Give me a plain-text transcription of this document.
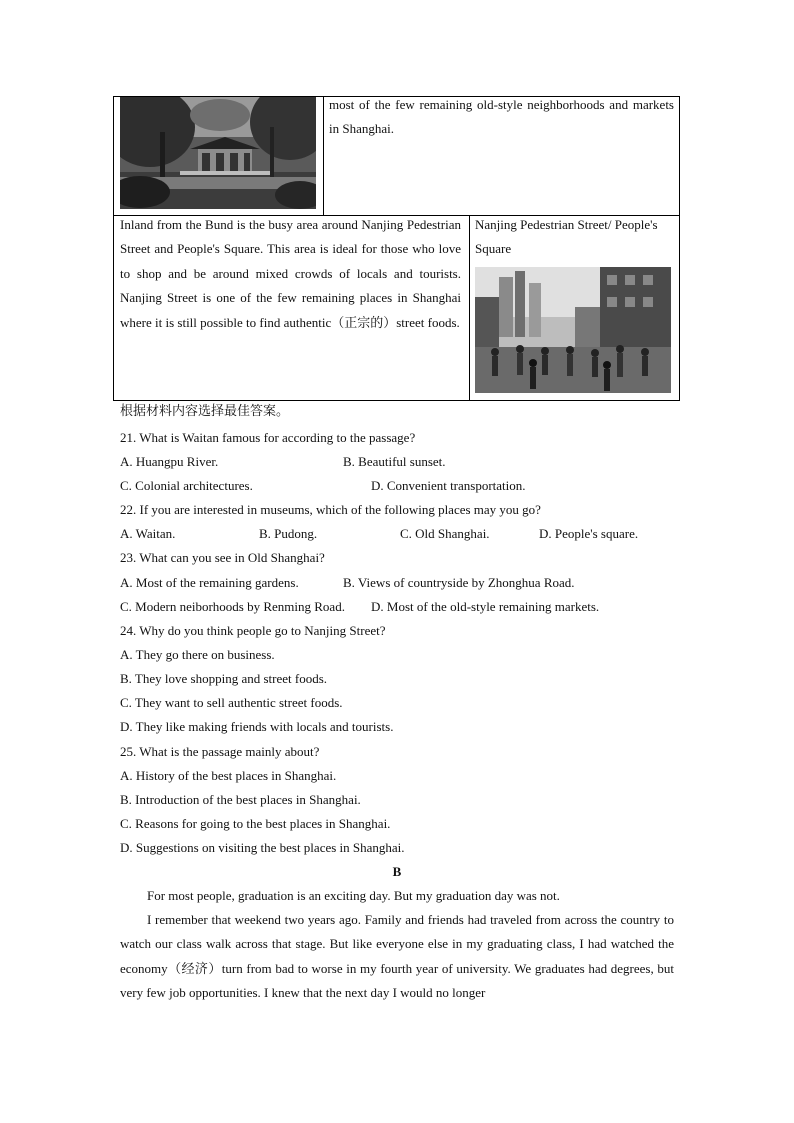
most of the few remaining old-style neighborhoods and markets in Shanghai.
Inland from the Bund is the busy area around Nanjing Pedestrian Street and People's Square. This area is ideal for those who love to shop and be around mixed crowds of locals and tourists. Nanjing Street is one of the few remaining places in Shanghai where it is still possible to find authentic（正宗的）street foods.
Nanjing Pedestrian Street/ People's Square
根据材料内容选择最佳答案。
21. What is Waitan famous for according to the passage?
A. Huangpu River.	B. Beautiful sunset.
C. Colonial architectures.	D. Convenient transportation.
22. If you are interested in museums, which of the following places may you go?
A. Waitan.	B. Pudong.	C. Old Shanghai.	D. People's square.
23. What can you see in Old Shanghai?
A. Most of the remaining gardens.	B. Views of countryside by Zhonghua Road.
C. Modern neiborhoods by Renming Road. D. Most of the old-style remaining markets.
24. Why do you think people go to Nanjing Street?
A. They go there on business.
B. They love shopping and street foods.
C. They want to sell authentic street foods.
D. They like making friends with locals and tourists.
25. What is the passage mainly about?
A. History of the best places in Shanghai.
B. Introduction of the best places in Shanghai.
C. Reasons for going to the best places in Shanghai.
D. Suggestions on visiting the best places in Shanghai.
B
For most people, graduation is an exciting day. But my graduation day was not.
I remember that weekend two years ago. Family and friends had traveled from across the country to watch our class walk across that stage. But like everyone else in my graduating class, I had watched the economy（经济）turn from bad to worse in my fourth year of university. We graduates had degrees, but very few job opportunities. I knew that the next day I would no longer
